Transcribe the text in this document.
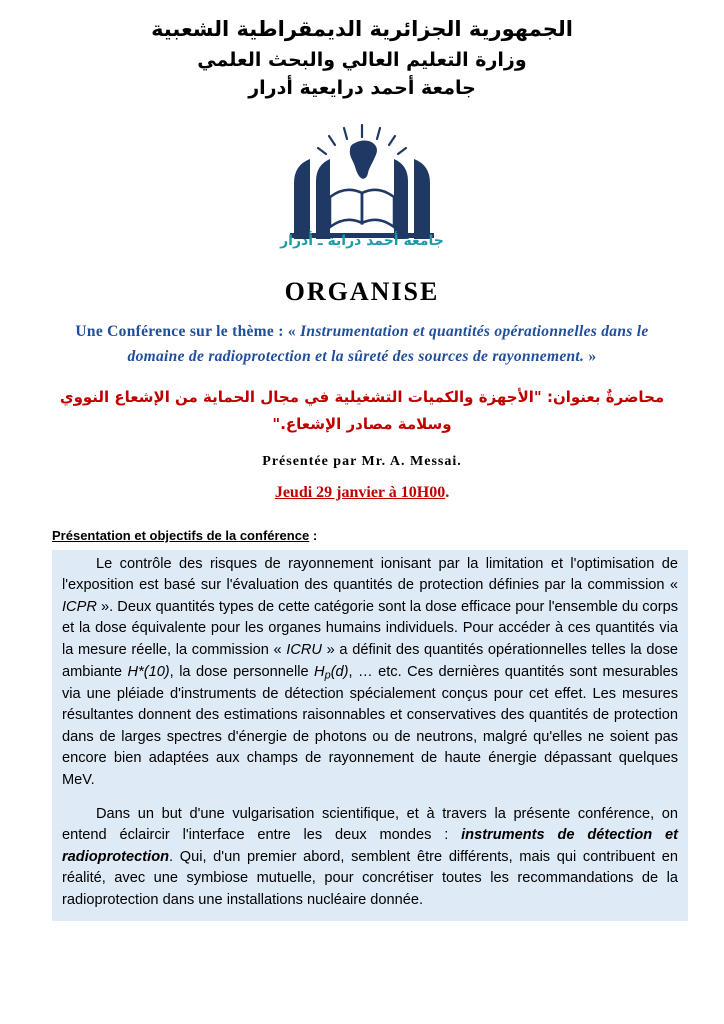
الجمهورية الجزائرية الديمقراطية الشعبية
وزارة التعليم العالي والبحث العلمي
جامعة أحمد درايعية أدرار
جامعة أحمد دراية ـ أدرار
ORGANISE
Une Conférence sur le thème : « Instrumentation et quantités opérationnelles dans le domaine de radioprotection et la sûreté des sources de rayonnement. »
محاضرةٌ بعنوان: "الأجهزة والكميات التشغيلية في مجال الحماية من الإشعاع النووي وسلامة مصادر الإشعاع."
Présentée par Mr. A. Messai.
Jeudi 29 janvier à 10H00.
Présentation et objectifs de la conférence :

Le contrôle des risques de rayonnement ionisant par la limitation et l'optimisation de l'exposition est basé sur l'évaluation des quantités de protection définies par la commission « ICPR ». Deux quantités types de cette catégorie sont la dose efficace pour l'ensemble du corps et la dose équivalente pour les organes humains individuels. Pour accéder à ces quantités via la mesure réelle, la commission « ICRU » a définit des quantités opérationnelles telles la dose ambiante H*(10), la dose personnelle $H_p(d)$, … etc. Ces dernières quantités sont mesurables via une pléiade d'instruments de détection spécialement conçus pour cet effet. Les mesures résultantes donnent des estimations raisonnables et conservatives des quantités de protection dans de larges spectres d'énergie de photons ou de neutrons, malgré qu'elles ne soient pas encore bien adaptées aux champs de rayonnement de haute énergie dépassant quelques MeV.

Dans un but d'une vulgarisation scientifique, et à travers la présente conférence, on entend éclaircir l'interface entre les deux mondes : instruments de détection et radioprotection. Qui, d'un premier abord, semblent être différents, mais qui contribuent en réalité, avec une symbiose mutuelle, pour concrétiser toutes les recommandations de la radioprotection dans une installations nucléaire donnée.
